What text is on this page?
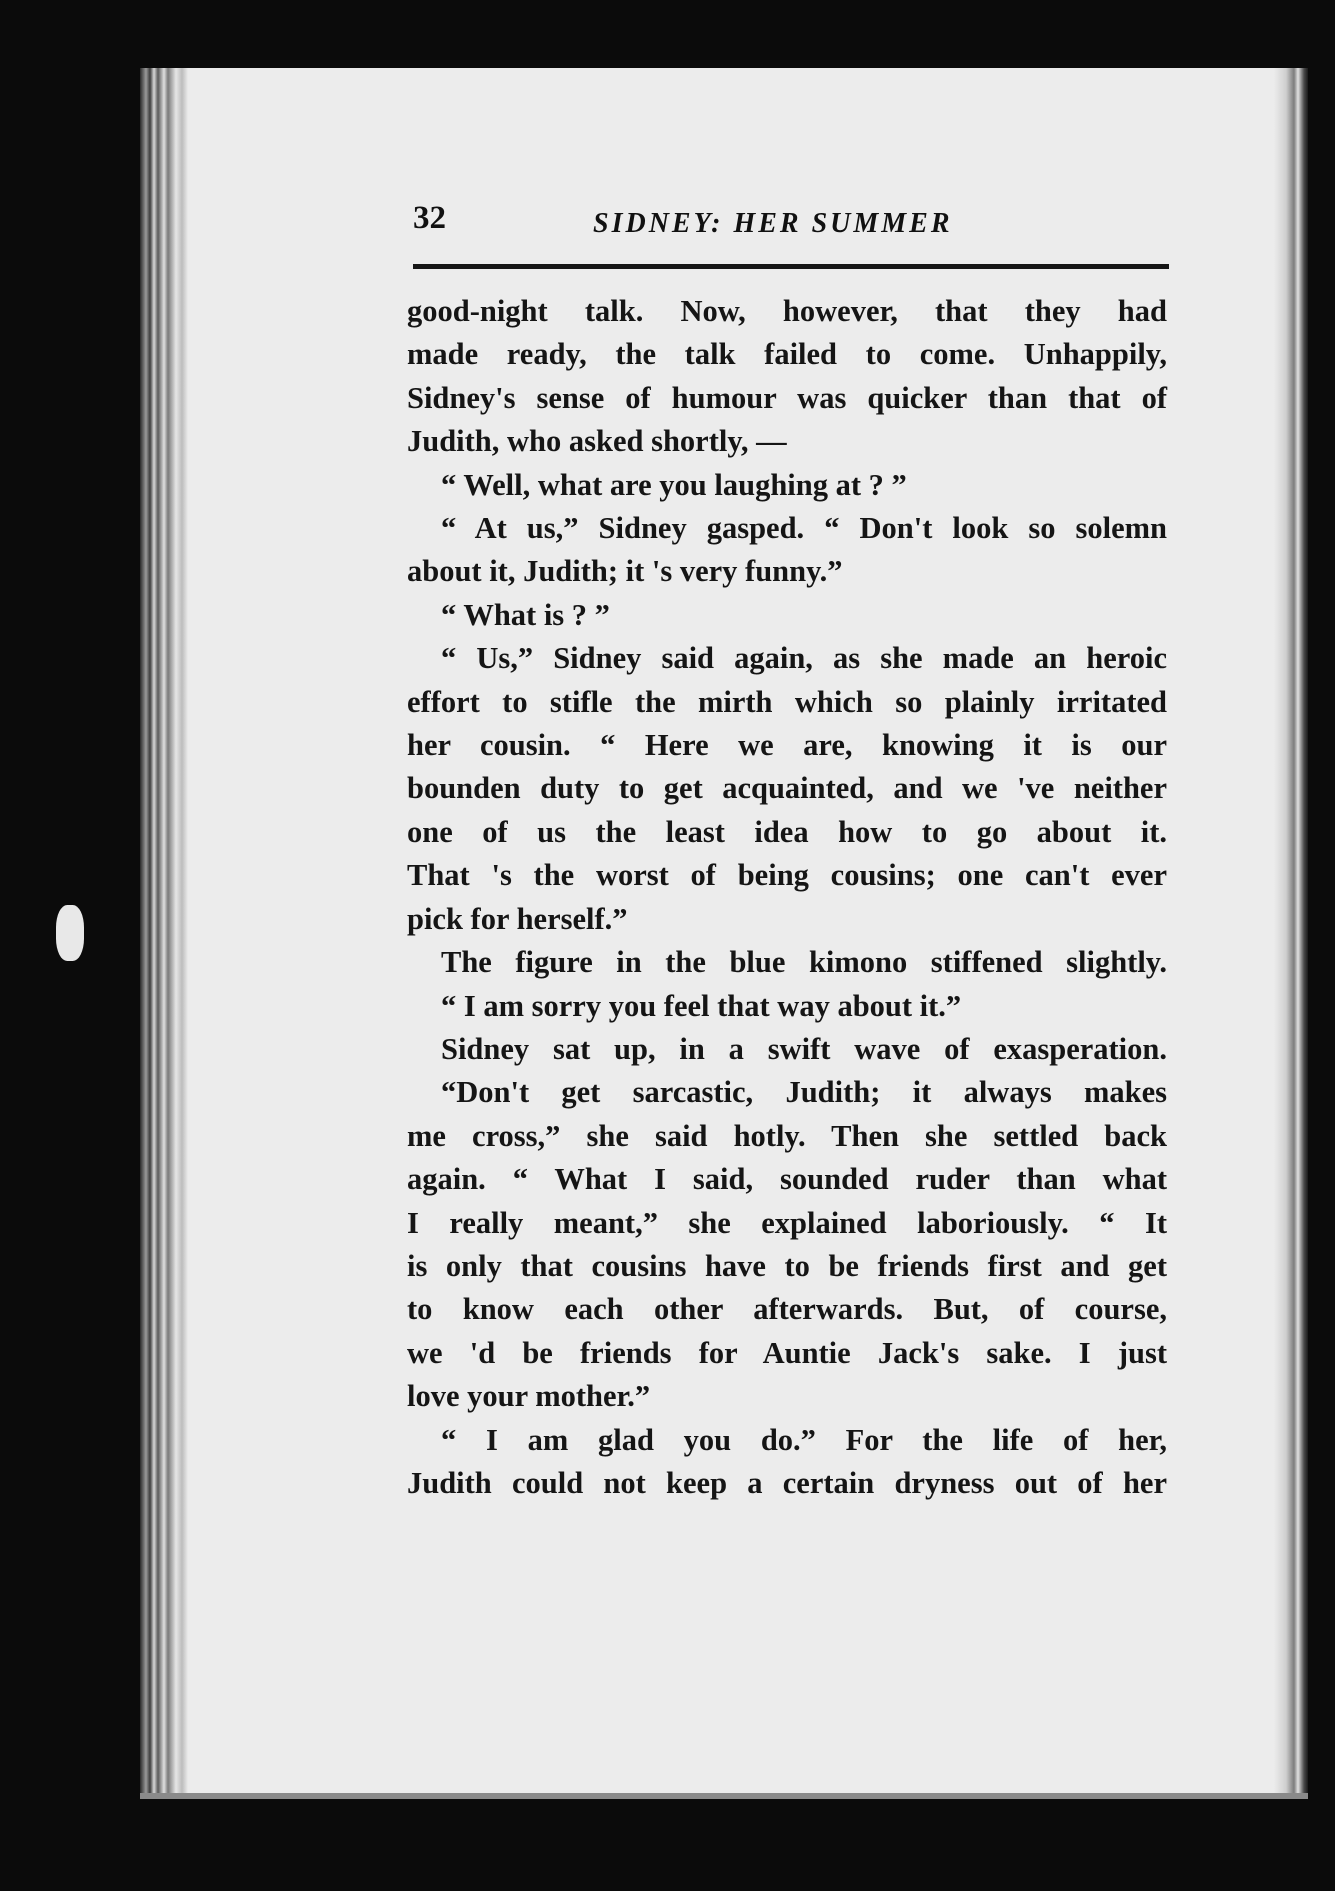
32	SIDNEY: HER SUMMER

good-night talk. Now, however, that they had

made ready, the talk failed to come. Unhappily,

Sidney's sense of humour was quicker than that of

Judith, who asked shortly, —

“ Well, what are you laughing at ? ”

“ At us,” Sidney gasped. “ Don't look so solemn

about it, Judith; it 's very funny.”

“ What is ? ”

“ Us,” Sidney said again, as she made an heroic

effort to stifle the mirth which so plainly irritated

her cousin. “ Here we are, knowing it is our

bounden duty to get acquainted, and we 've neither

one of us the least idea how to go about it.

That 's the worst of being cousins; one can't ever

pick for herself.”

The figure in the blue kimono stiffened slightly.

“ I am sorry you feel that way about it.”

Sidney sat up, in a swift wave of exasperation.

“Don't get sarcastic, Judith; it always makes

me cross,” she said hotly. Then she settled back

again. “ What I said, sounded ruder than what

I really meant,” she explained laboriously. “ It

is only that cousins have to be friends first and get

to know each other afterwards. But, of course,

we 'd be friends for Auntie Jack's sake. I just

love your mother.”

“ I am glad you do.” For the life of her,

Judith could not keep a certain dryness out of her
